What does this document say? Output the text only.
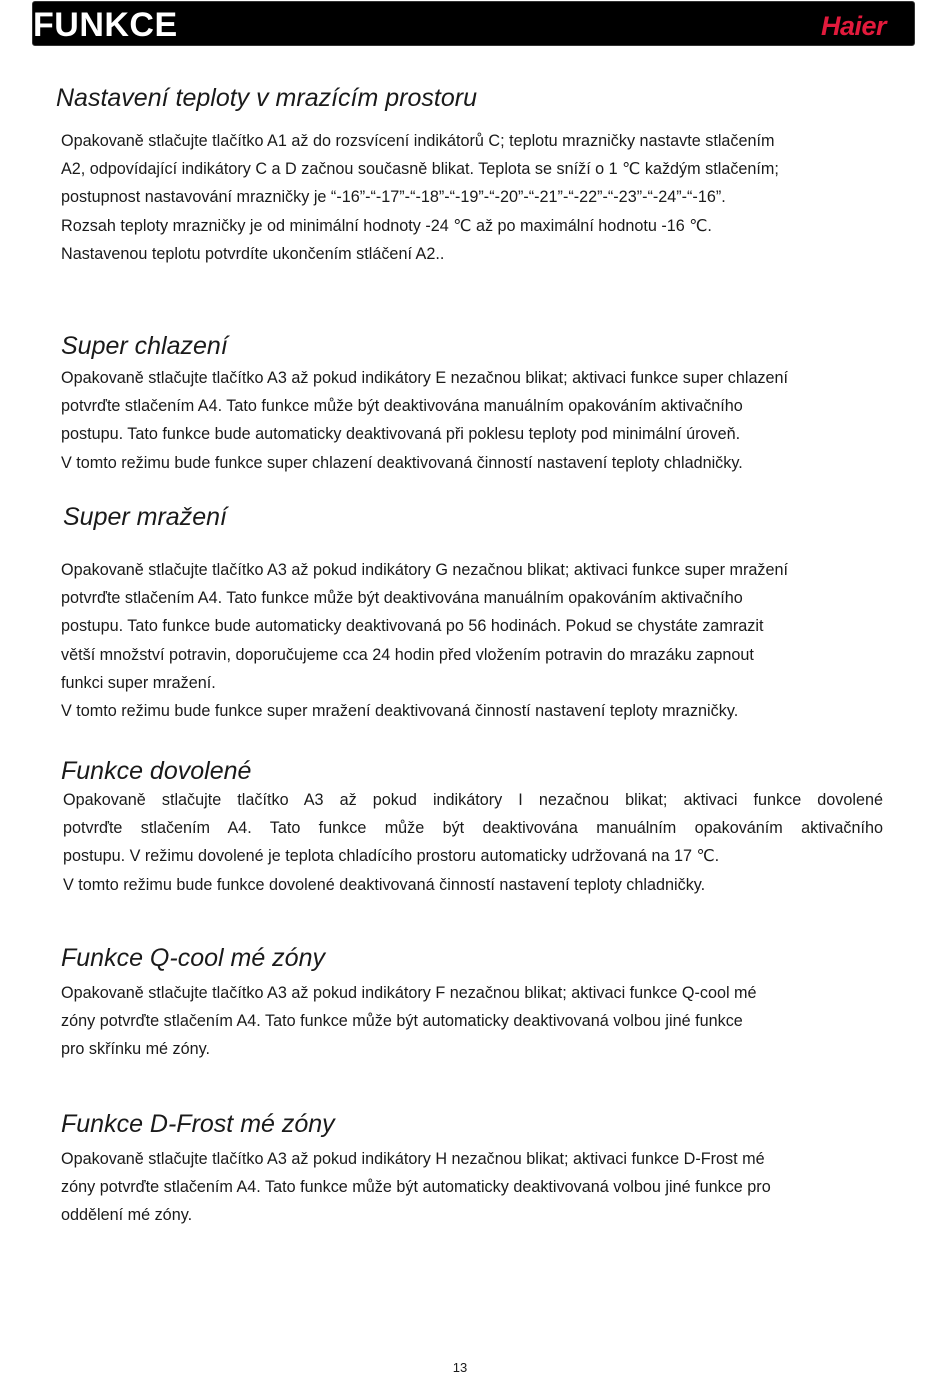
FUNKCE	Haier
Nastavení teploty v mrazícím prostoru

Opakovaně stlačujte tlačítko A1 až do rozsvícení indikátorů C; teplotu mrazničky nastavte stlačením

A2, odpovídající indikátory C a D začnou současně blikat. Teplota se sníží o 1 ℃ každým stlačením;

postupnost nastavování mrazničky je “-16”-“-17”-“-18”-“-19”-“-20”-“-21”-“-22”-“-23”-“-24”-“-16”.

Rozsah teploty mrazničky je od minimální hodnoty -24 ℃ až po maximální hodnotu -16 ℃.

Nastavenou teplotu potvrdíte ukončením stláčení A2..

Super chlazení

Opakovaně stlačujte tlačítko A3 až pokud indikátory E nezačnou blikat; aktivaci funkce super chlazení

potvrďte stlačením A4. Tato funkce může být deaktivována manuálním opakováním aktivačního

postupu. Tato funkce bude automaticky deaktivovaná při poklesu teploty pod minimální úroveň.

V tomto režimu bude funkce super chlazení deaktivovaná činností nastavení teploty chladničky.

Super mražení

Opakovaně stlačujte tlačítko A3 až pokud indikátory G nezačnou blikat; aktivaci funkce super mražení

potvrďte stlačením A4. Tato funkce může být deaktivována manuálním opakováním aktivačního

postupu. Tato funkce bude automaticky deaktivovaná po 56 hodinách. Pokud se chystáte zamrazit

větší množství potravin, doporučujeme cca 24 hodin před vložením potravin do mrazáku zapnout

funkci super mražení.

V tomto režimu bude funkce super mražení deaktivovaná činností nastavení teploty mrazničky.

Funkce dovolené

Opakovaně stlačujte tlačítko A3 až pokud indikátory I nezačnou blikat; aktivaci funkce dovolené

potvrďte stlačením A4. Tato funkce může být deaktivována manuálním opakováním aktivačního

postupu. V režimu dovolené je teplota chladícího prostoru automaticky udržovaná na 17 ℃.

V tomto režimu bude funkce dovolené deaktivovaná činností nastavení teploty chladničky.

Funkce Q-cool mé zóny

Opakovaně stlačujte tlačítko A3 až pokud indikátory F nezačnou blikat; aktivaci funkce Q-cool mé

zóny potvrďte stlačením A4. Tato funkce může být automaticky deaktivovaná volbou jiné funkce

pro skřínku mé zóny.

Funkce D-Frost mé zóny

Opakovaně stlačujte tlačítko A3 až pokud indikátory H nezačnou blikat; aktivaci funkce D-Frost mé

zóny potvrďte stlačením A4. Tato funkce může být automaticky deaktivovaná volbou jiné funkce pro

oddělení mé zóny.

13
